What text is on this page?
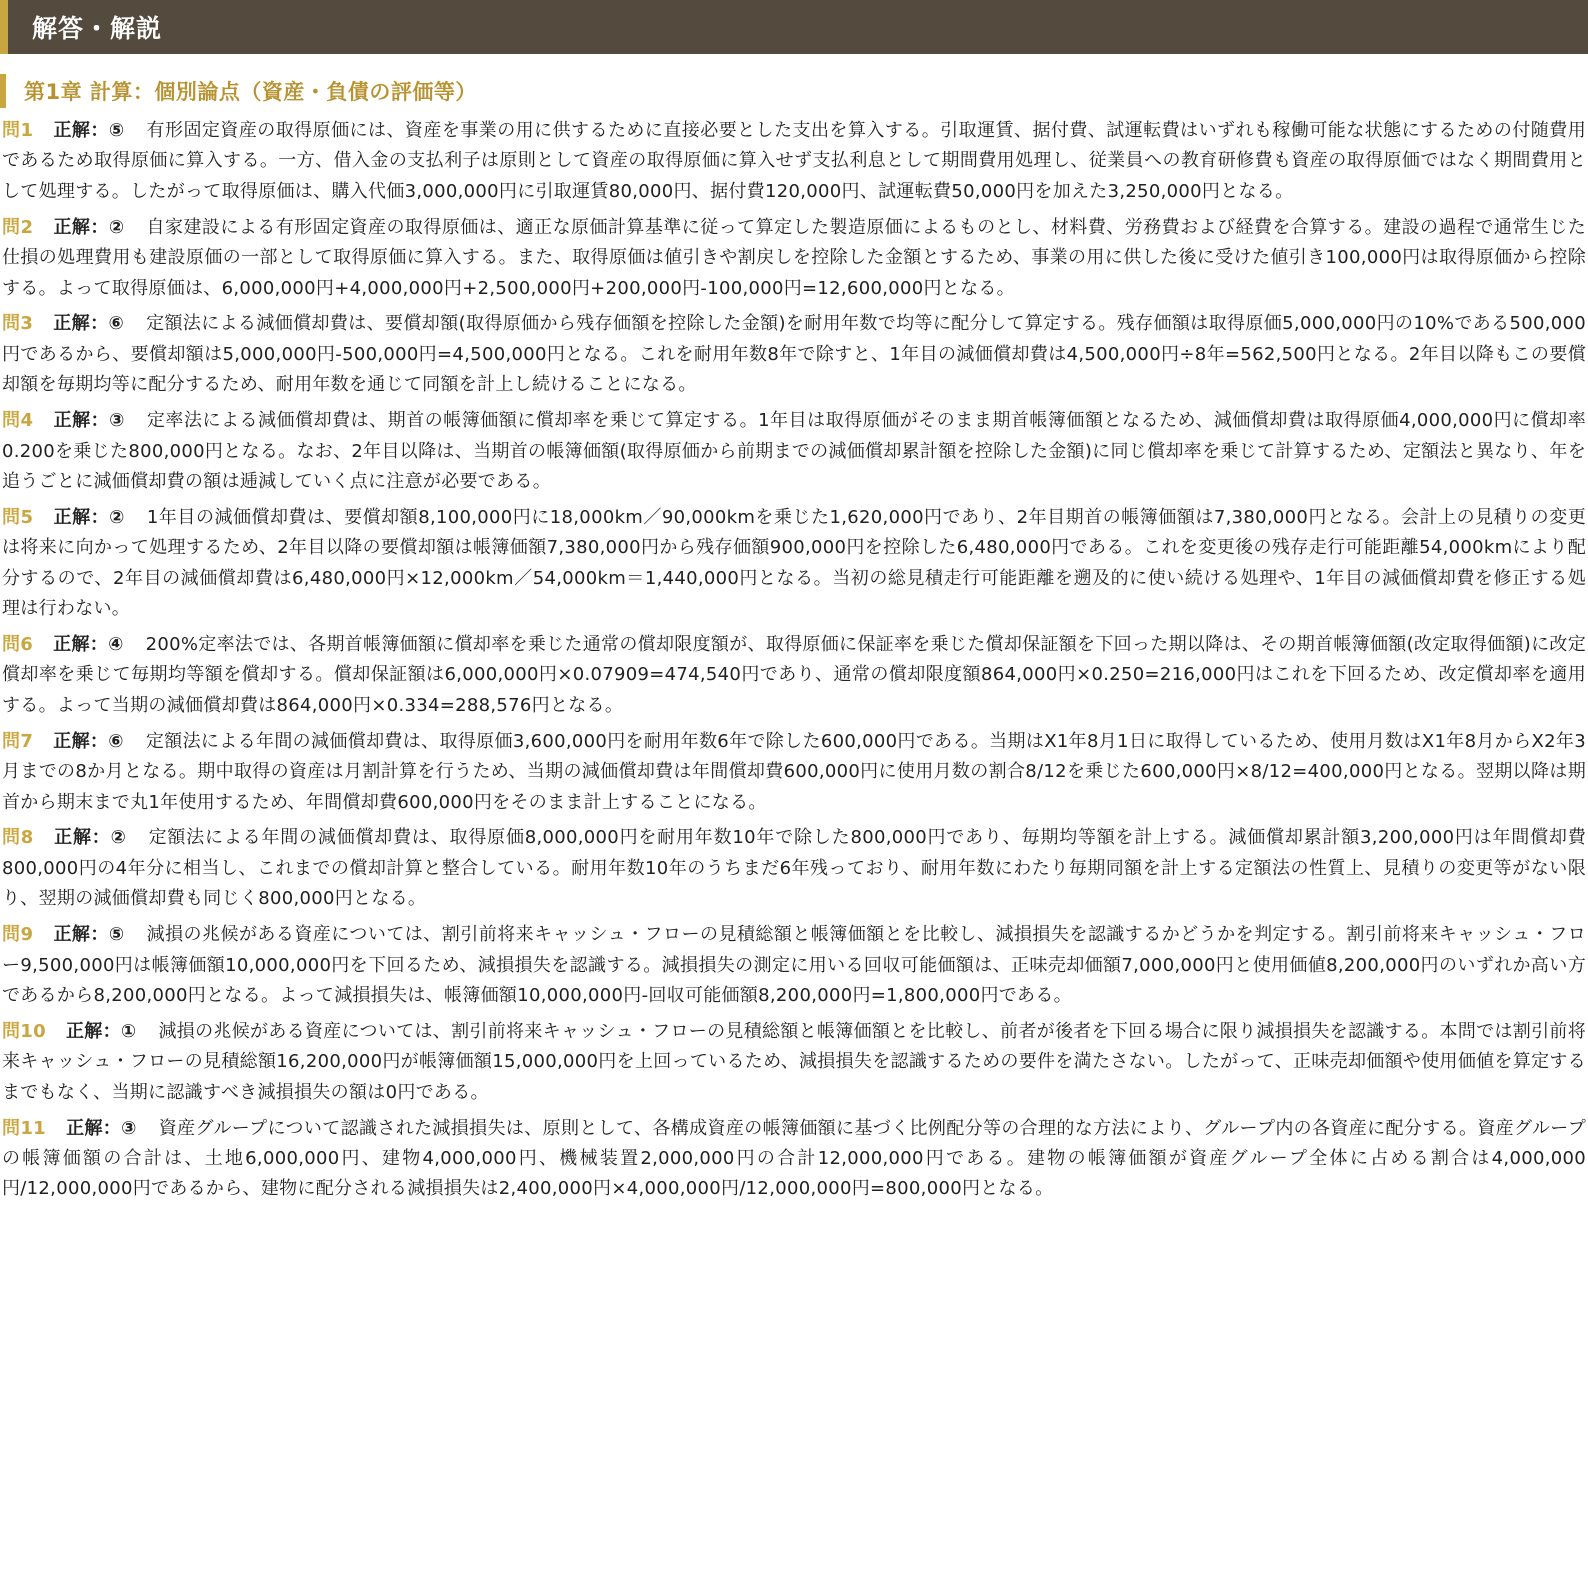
解答・解説
第1章 計算：個別論点（資産・負債の評価等）

問1 正解：⑤ 有形固定資産の取得原価には、資産を事業の用に供するために直接必要とした支出を算入する。引取運賃、据付費、試運転費はいずれも稼働可能な状態にするための付随費用であるため取得原価に算入する。一方、借入金の支払利子は原則として資産の取得原価に算入せず支払利息として期間費用処理し、従業員への教育研修費も資産の取得原価ではなく期間費用として処理する。したがって取得原価は、購入代価3,000,000円に引取運賃80,000円、据付費120,000円、試運転費50,000円を加えた3,250,000円となる。

問2 正解：② 自家建設による有形固定資産の取得原価は、適正な原価計算基準に従って算定した製造原価によるものとし、材料費、労務費および経費を合算する。建設の過程で通常生じた仕損の処理費用も建設原価の一部として取得原価に算入する。また、取得原価は値引きや割戻しを控除した金額とするため、事業の用に供した後に受けた値引き100,000円は取得原価から控除する。よって取得原価は、6,000,000円+4,000,000円+2,500,000円+200,000円-100,000円=12,600,000円となる。

問3 正解：⑥ 定額法による減価償却費は、要償却額(取得原価から残存価額を控除した金額)を耐用年数で均等に配分して算定する。残存価額は取得原価5,000,000円の10%である500,000円であるから、要償却額は5,000,000円-500,000円=4,500,000円となる。これを耐用年数8年で除すと、1年目の減価償却費は4,500,000円÷8年=562,500円となる。2年目以降もこの要償却額を毎期均等に配分するため、耐用年数を通じて同額を計上し続けることになる。

問4 正解：③ 定率法による減価償却費は、期首の帳簿価額に償却率を乗じて算定する。1年目は取得原価がそのまま期首帳簿価額となるため、減価償却費は取得原価4,000,000円に償却率0.200を乗じた800,000円となる。なお、2年目以降は、当期首の帳簿価額(取得原価から前期までの減価償却累計額を控除した金額)に同じ償却率を乗じて計算するため、定額法と異なり、年を追うごとに減価償却費の額は逓減していく点に注意が必要である。

問5 正解：② 1年目の減価償却費は、要償却額8,100,000円に18,000km／90,000kmを乗じた1,620,000円であり、2年目期首の帳簿価額は7,380,000円となる。会計上の見積りの変更は将来に向かって処理するため、2年目以降の要償却額は帳簿価額7,380,000円から残存価額900,000円を控除した6,480,000円である。これを変更後の残存走行可能距離54,000kmにより配分するので、2年目の減価償却費は6,480,000円×12,000km／54,000km＝1,440,000円となる。当初の総見積走行可能距離を遡及的に使い続ける処理や、1年目の減価償却費を修正する処理は行わない。

問6 正解：④ 200%定率法では、各期首帳簿価額に償却率を乗じた通常の償却限度額が、取得原価に保証率を乗じた償却保証額を下回った期以降は、その期首帳簿価額(改定取得価額)に改定償却率を乗じて毎期均等額を償却する。償却保証額は6,000,000円×0.07909=474,540円であり、通常の償却限度額864,000円×0.250=216,000円はこれを下回るため、改定償却率を適用する。よって当期の減価償却費は864,000円×0.334=288,576円となる。

問7 正解：⑥ 定額法による年間の減価償却費は、取得原価3,600,000円を耐用年数6年で除した600,000円である。当期はX1年8月1日に取得しているため、使用月数はX1年8月からX2年3月までの8か月となる。期中取得の資産は月割計算を行うため、当期の減価償却費は年間償却費600,000円に使用月数の割合8/12を乗じた600,000円×8/12=400,000円となる。翌期以降は期首から期末まで丸1年使用するため、年間償却費600,000円をそのまま計上することになる。

問8 正解：② 定額法による年間の減価償却費は、取得原価8,000,000円を耐用年数10年で除した800,000円であり、毎期均等額を計上する。減価償却累計額3,200,000円は年間償却費800,000円の4年分に相当し、これまでの償却計算と整合している。耐用年数10年のうちまだ6年残っており、耐用年数にわたり毎期同額を計上する定額法の性質上、見積りの変更等がない限り、翌期の減価償却費も同じく800,000円となる。

問9 正解：⑤ 減損の兆候がある資産については、割引前将来キャッシュ・フローの見積総額と帳簿価額とを比較し、減損損失を認識するかどうかを判定する。割引前将来キャッシュ・フロー9,500,000円は帳簿価額10,000,000円を下回るため、減損損失を認識する。減損損失の測定に用いる回収可能価額は、正味売却価額7,000,000円と使用価値8,200,000円のいずれか高い方であるから8,200,000円となる。よって減損損失は、帳簿価額10,000,000円-回収可能価額8,200,000円=1,800,000円である。

問10 正解：① 減損の兆候がある資産については、割引前将来キャッシュ・フローの見積総額と帳簿価額とを比較し、前者が後者を下回る場合に限り減損損失を認識する。本問では割引前将来キャッシュ・フローの見積総額16,200,000円が帳簿価額15,000,000円を上回っているため、減損損失を認識するための要件を満たさない。したがって、正味売却価額や使用価値を算定するまでもなく、当期に認識すべき減損損失の額は0円である。

問11 正解：③ 資産グループについて認識された減損損失は、原則として、各構成資産の帳簿価額に基づく比例配分等の合理的な方法により、グループ内の各資産に配分する。資産グループの帳簿価額の合計は、土地6,000,000円、建物4,000,000円、機械装置2,000,000円の合計12,000,000円である。建物の帳簿価額が資産グループ全体に占める割合は4,000,000円/12,000,000円であるから、建物に配分される減損損失は2,400,000円×4,000,000円/12,000,000円=800,000円となる。
